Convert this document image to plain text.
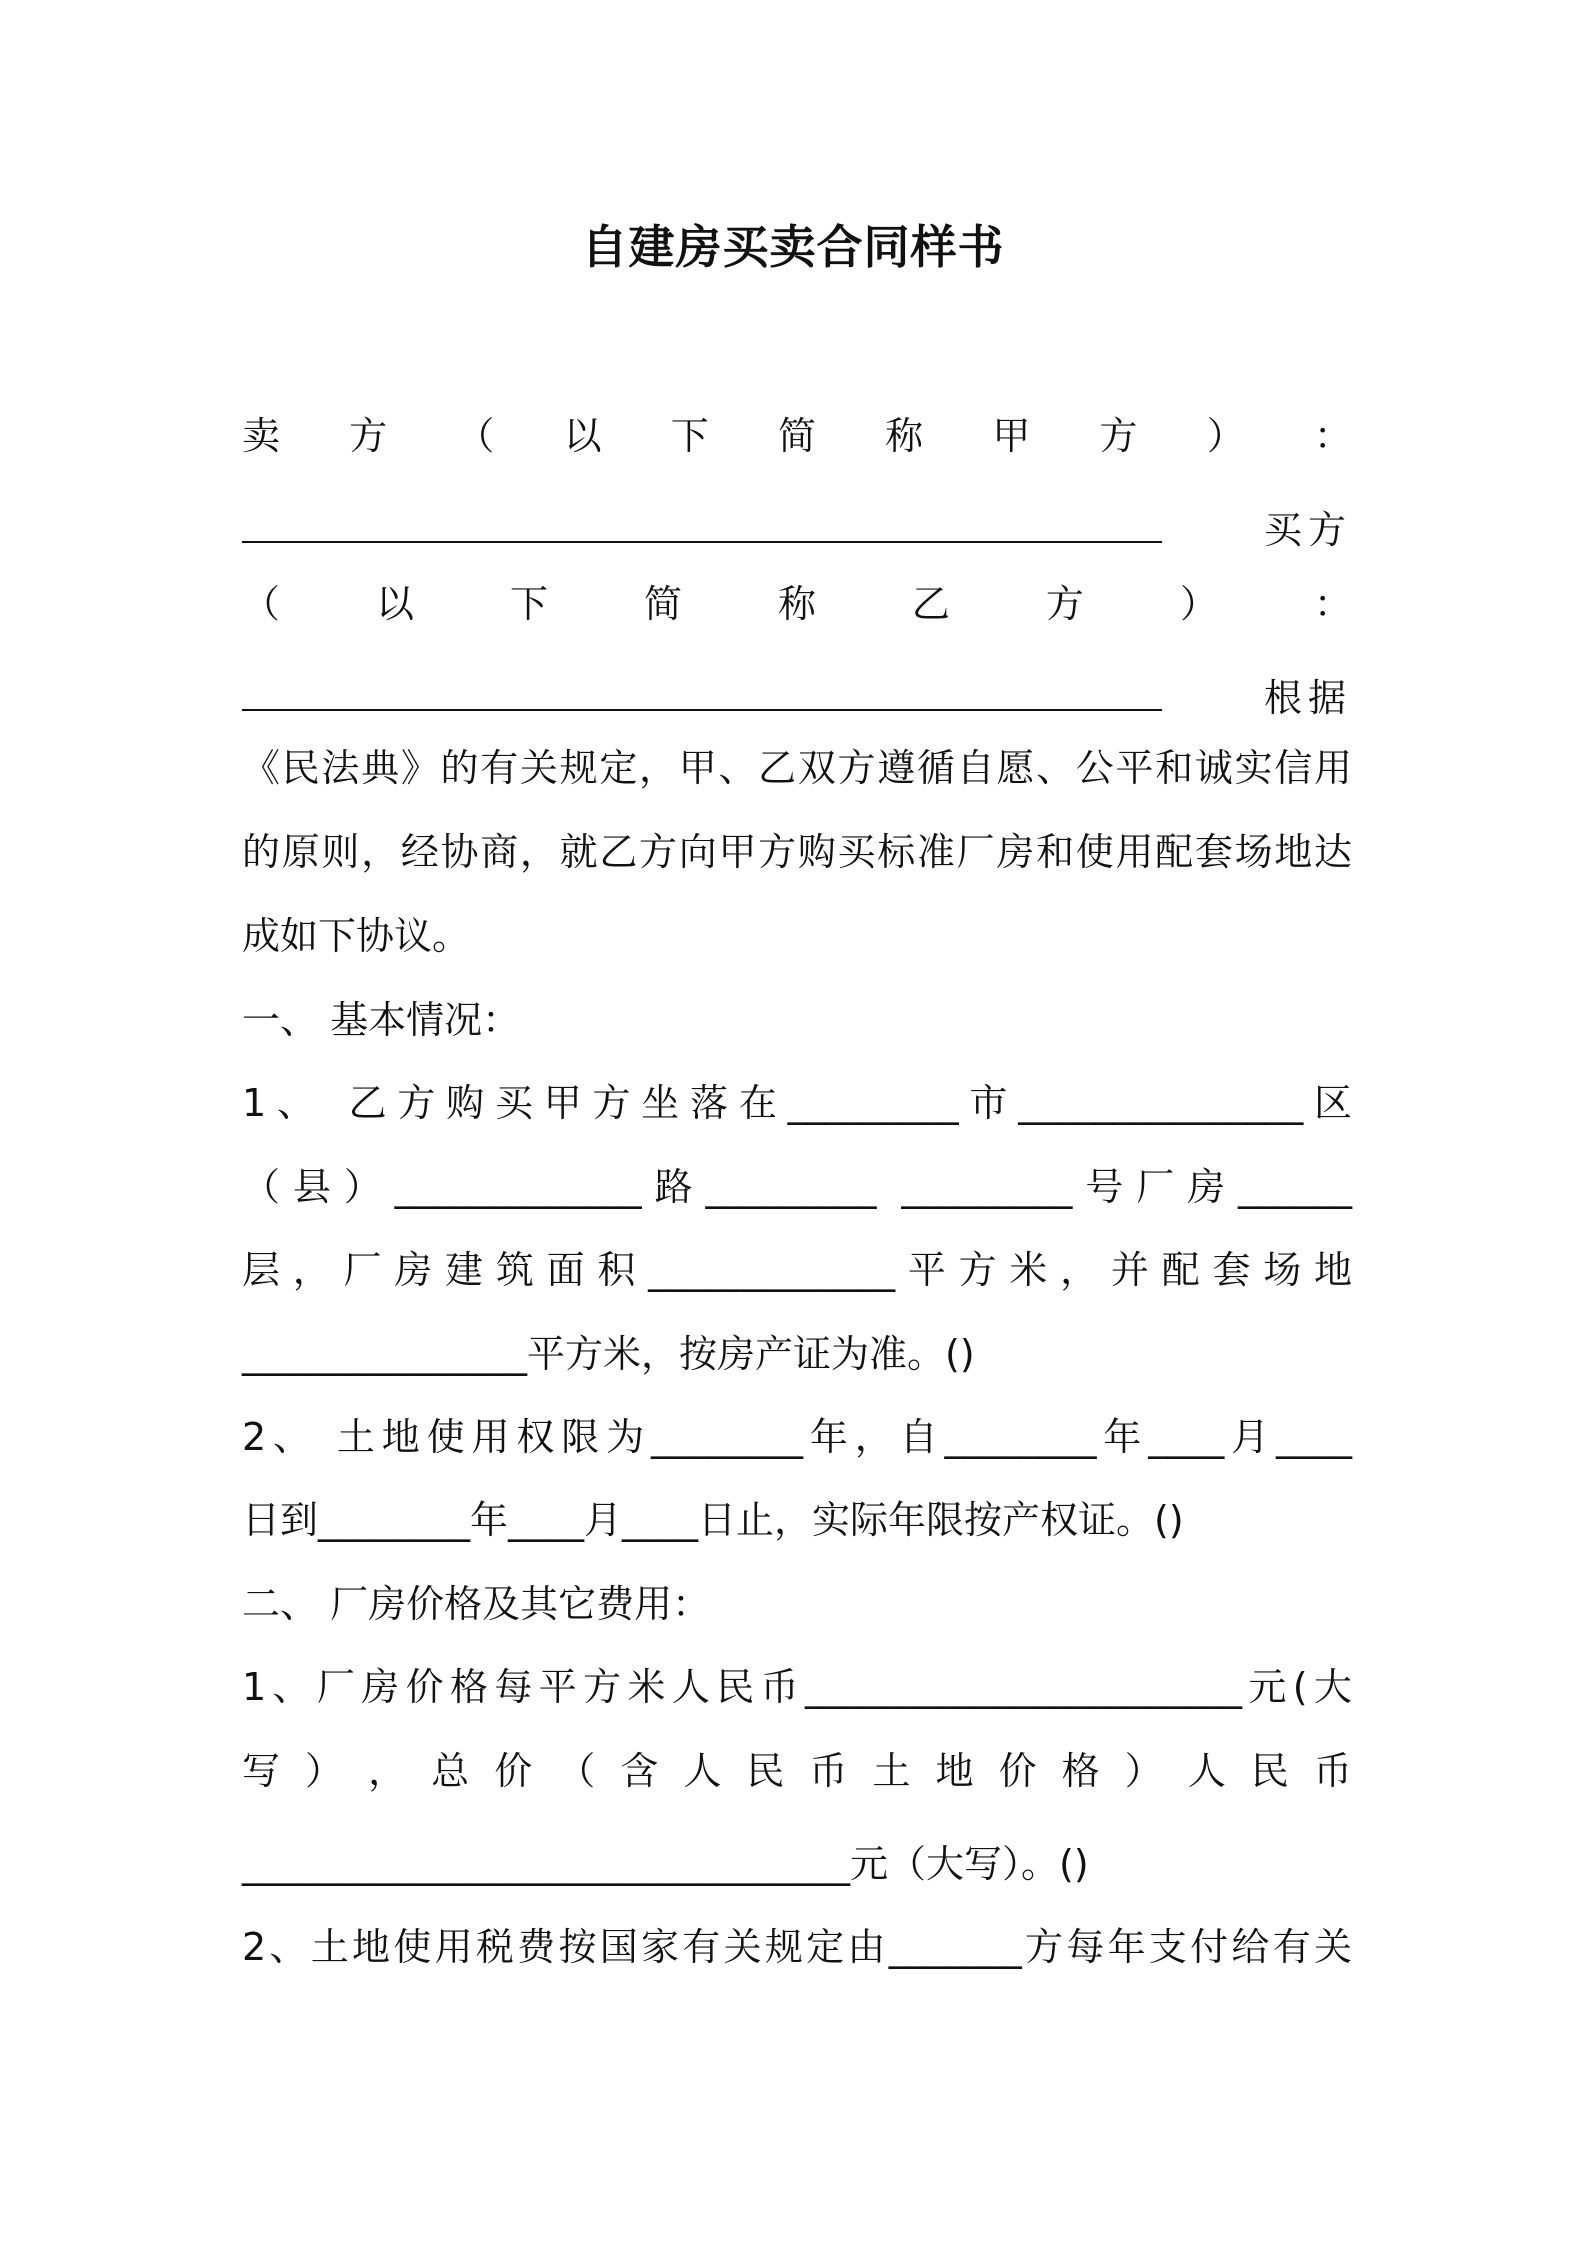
自建房买卖合同样书
卖 方 （ 以 下 简 称 甲 方 ） ：
买方
（	以	下	简	称	乙	方	）	：
根据
《民法典》的有关规定，甲、乙双方遵循自愿、公平和诚实信用
的原则，经协商，就乙方向甲方购买标准厂房和使用配套场地达
成如下协议。
一、 基本情况：
1、 乙方购买甲方坐落在_________市_______________区
（县）_____________路_________ _________号厂房______
层，厂房建筑面积_____________平方米，并配套场地
_______________平方米，按房产证为准。()
2、 土地使用权限为________年，自________年____月____
日到________年____月____日止，实际年限按产权证。()
二、 厂房价格及其它费用：
1、厂房价格每平方米人民币_______________________元(大
写 ） ， 总 价 （ 含 人 民 币 土 地 价 格 ） 人 民 币
________________________________元（大写）。()
2、土地使用税费按国家有关规定由_______方每年支付给有关
